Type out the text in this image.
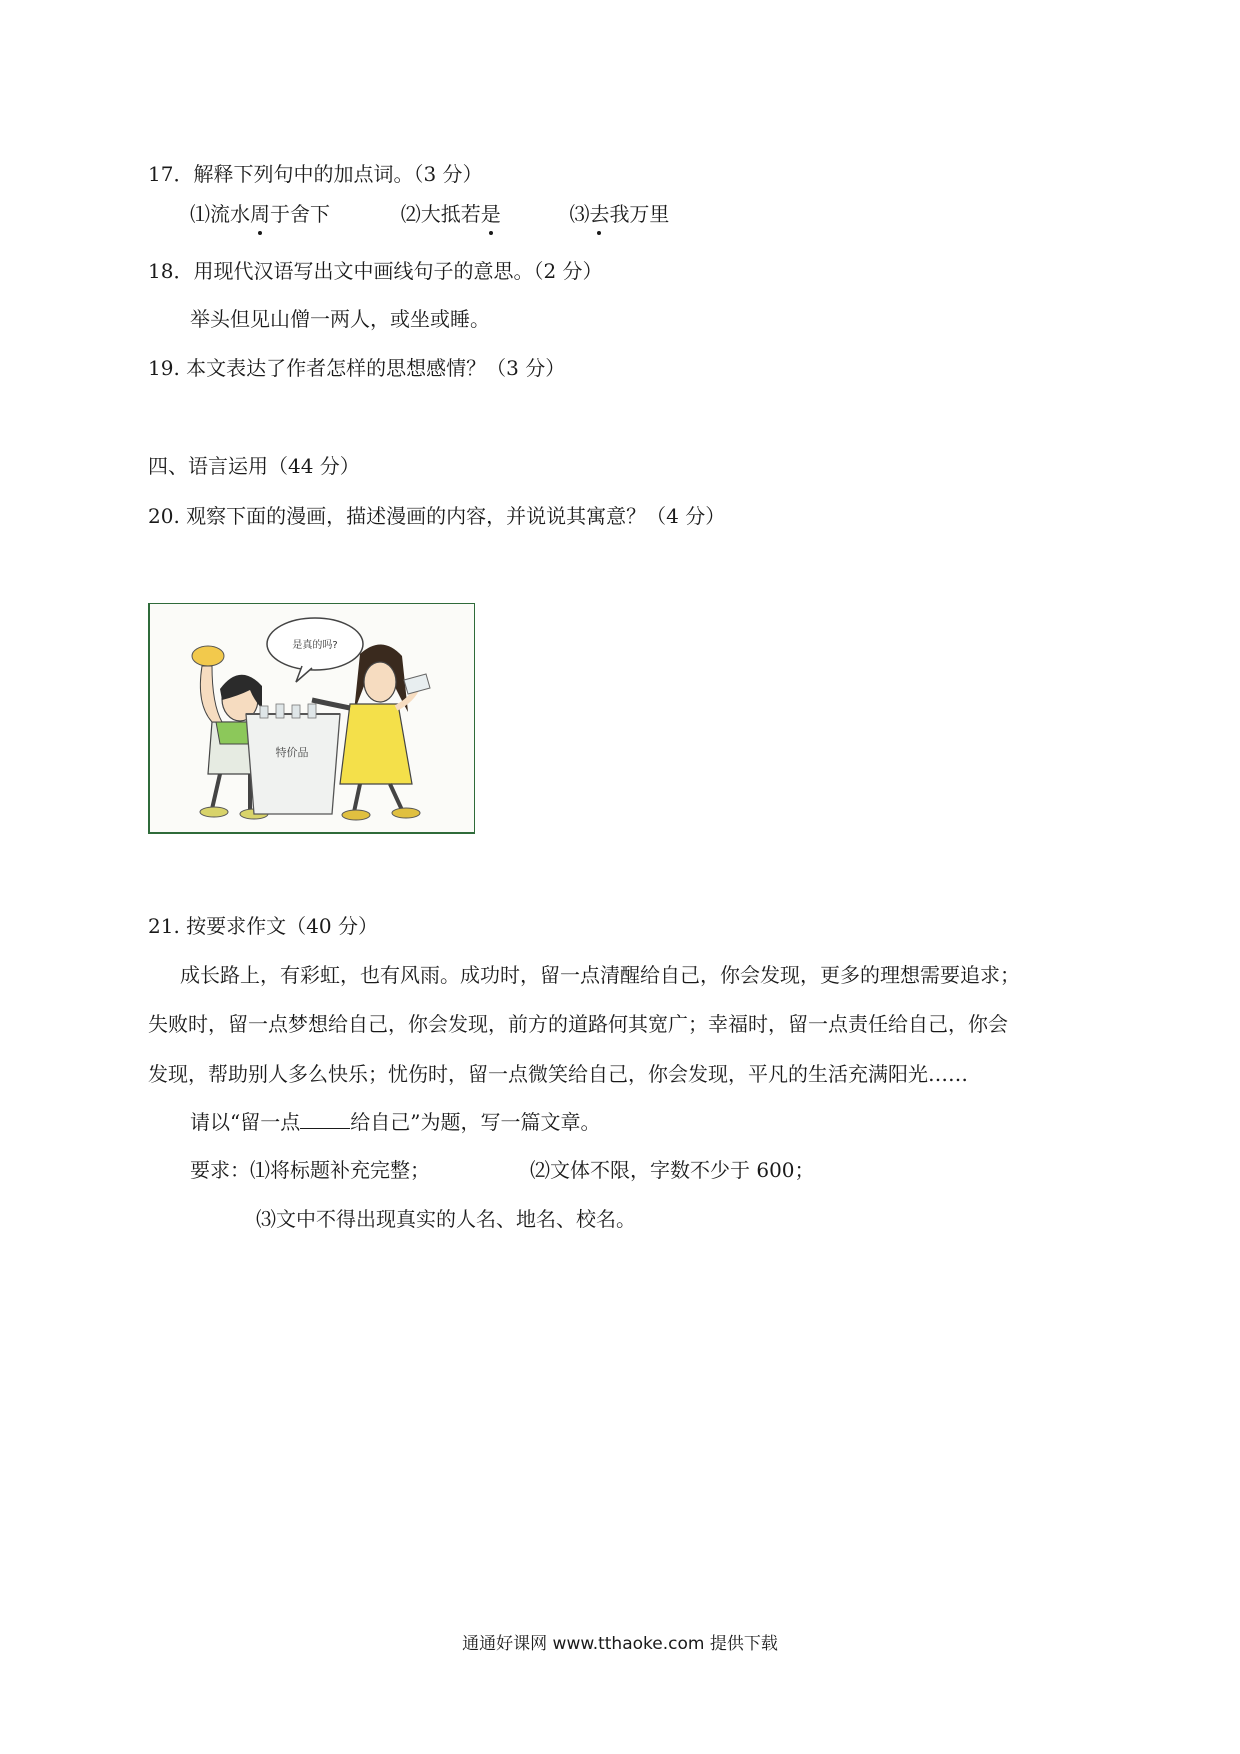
17．解释下列句中的加点词。（3 分）
⑴流水周于舍下	⑵大抵若是	⑶去我万里
18．用现代汉语写出文中画线句子的意思。（2 分）
举头但见山僧一两人，或坐或睡。
19. 本文表达了作者怎样的思想感情？（3 分）
四、语言运用（44 分）
20. 观察下面的漫画，描述漫画的内容，并说说其寓意？（4 分）
是真的吗?
特价品
21. 按要求作文（40 分）
成长路上，有彩虹，也有风雨。成功时，留一点清醒给自己，你会发现，更多的理想需要追求；
失败时，留一点梦想给自己，你会发现，前方的道路何其宽广；幸福时，留一点责任给自己，你会
发现，帮助别人多么快乐；忧伤时，留一点微笑给自己，你会发现，平凡的生活充满阳光……
请以“留一点	给自己”为题，写一篇文章。
要求：⑴将标题补充完整；	⑵文体不限，字数不少于 600；
⑶文中不得出现真实的人名、地名、校名。
通通好课网 www.tthaoke.com 提供下载
